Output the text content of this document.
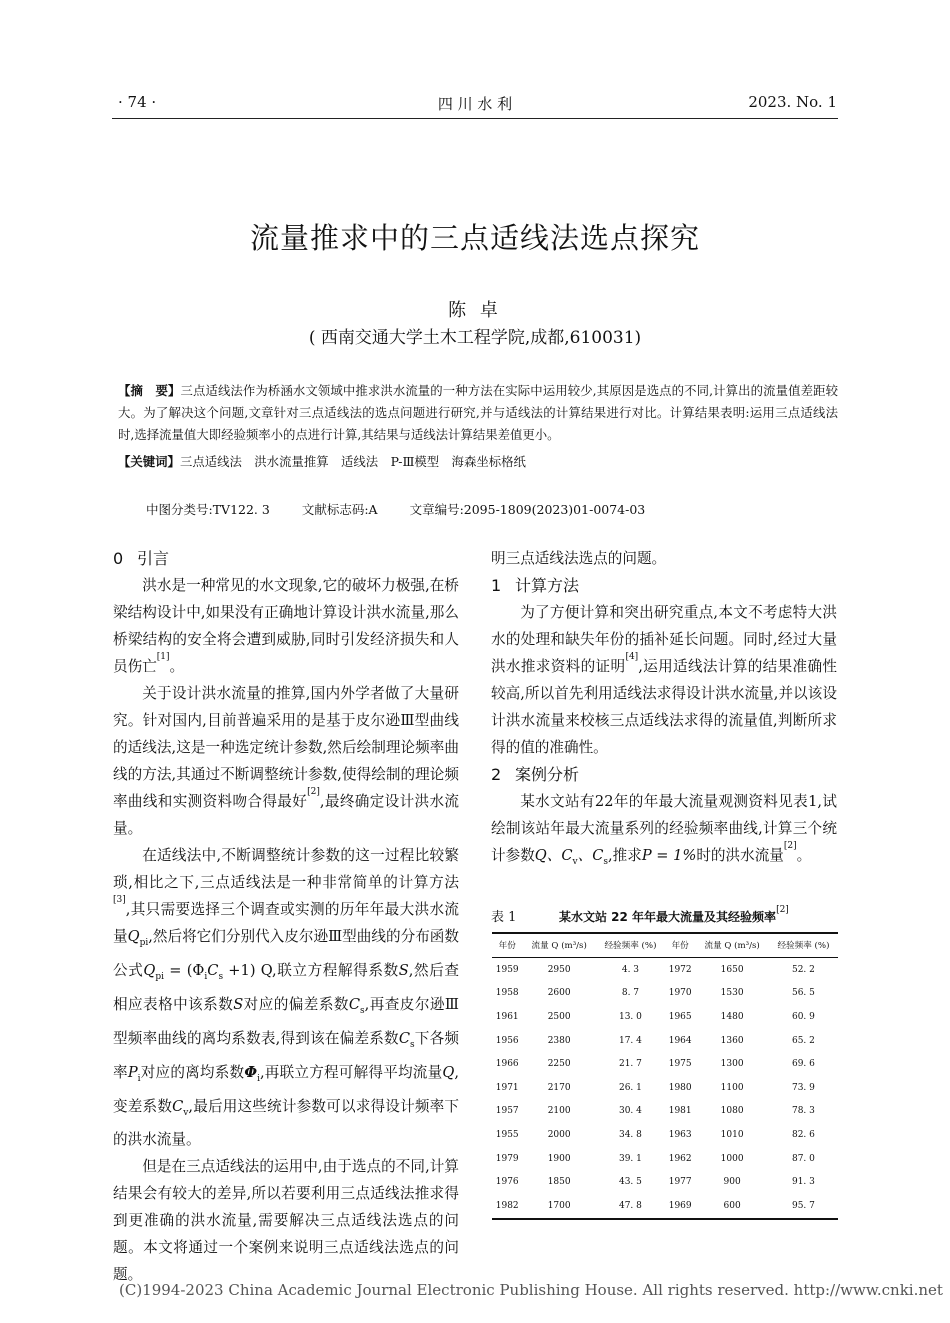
· 74 ·	四 川 水 利	2023. No. 1
流量推求中的三点适线法选点探究
陈 卓
( 西南交通大学土木工程学院,成都,610031)
【摘　要】三点适线法作为桥涵水文领域中推求洪水流量的一种方法在实际中运用较少,其原因是选点的不同,计算出的流量值差距较大。为了解决这个问题,文章针对三点适线法的选点问题进行研究,并与适线法的计算结果进行对比。计算结果表明:运用三点适线法时,选择流量值大即经验频率小的点进行计算,其结果与适线法计算结果差值更小。
【关键词】三点适线法　洪水流量推算　适线法　P-Ⅲ模型　海森坐标格纸
中图分类号:TV122. 3	文献标志码:A	文章编号:2095-1809(2023)01-0074-03
0 引言

洪水是一种常见的水文现象,它的破坏力极强,在桥梁结构设计中,如果没有正确地计算设计洪水流量,那么桥梁结构的安全将会遭到威胁,同时引发经济损失和人员伤亡[1]。

关于设计洪水流量的推算,国内外学者做了大量研究。针对国内,目前普遍采用的是基于皮尔逊Ⅲ型曲线的适线法,这是一种选定统计参数,然后绘制理论频率曲线的方法,其通过不断调整统计参数,使得绘制的理论频率曲线和实测资料吻合得最好[2],最终确定设计洪水流量。

在适线法中,不断调整统计参数的这一过程比较繁琐,相比之下,三点适线法是一种非常简单的计算方法[3],其只需要选择三个调查或实测的历年年最大洪水流量$Q_{pi}$,然后将它们分别代入皮尔逊Ⅲ型曲线的分布函数公式$Q_{pi} = (\Phi_iC_s +1)$ Q,联立方程解得系数S,然后查相应表格中该系数S对应的偏差系数$C_s$,再查皮尔逊Ⅲ型频率曲线的离均系数表,得到该在偏差系数$C_s$下各频率$P_i$对应的离均系数$\Phi_i$,再联立方程可解得平均流量Q,变差系数$C_v$,最后用这些统计参数可以求得设计频率下的洪水流量。

但是在三点适线法的运用中,由于选点的不同,计算结果会有较大的差异,所以若要利用三点适线法推求得到更准确的洪水流量,需要解决三点适线法选点的问题。本文将通过一个案例来说明三点适线法选点的问题。

明三点适线法选点的问题。
1 计算方法

为了方便计算和突出研究重点,本文不考虑特大洪水的处理和缺失年份的插补延长问题。同时,经过大量洪水推求资料的证明[4],运用适线法计算的结果准确性较高,所以首先利用适线法求得设计洪水流量,并以该设计洪水流量来校核三点适线法求得的流量值,判断所求得的值的准确性。

2 案例分析

某水文站有22年的年最大流量观测资料见表1,试绘制该站年最大流量系列的经验频率曲线,计算三个统计参数Q、$C_v$、$C_s$,推求P = 1%时的洪水流量[2]。

表 1	某水文站 22 年年最大流量及其经验频率[2]
年份	流量 Q (m³/s)	经验频率 (%)	年份	流量 Q (m³/s)	经验频率 (%)
1959	2950	4. 3	1972	1650	52. 2
1958	2600	8. 7	1970	1530	56. 5
1961	2500	13. 0	1965	1480	60. 9
1956	2380	17. 4	1964	1360	65. 2
1966	2250	21. 7	1975	1300	69. 6
1971	2170	26. 1	1980	1100	73. 9
1957	2100	30. 4	1981	1080	78. 3
1955	2000	34. 8	1963	1010	82. 6
1979	1900	39. 1	1962	1000	87. 0
1976	1850	43. 5	1977	900	91. 3
1982	1700	47. 8	1969	600	95. 7
(C)1994-2023 China Academic Journal Electronic Publishing House. All rights reserved. http://www.cnki.net
